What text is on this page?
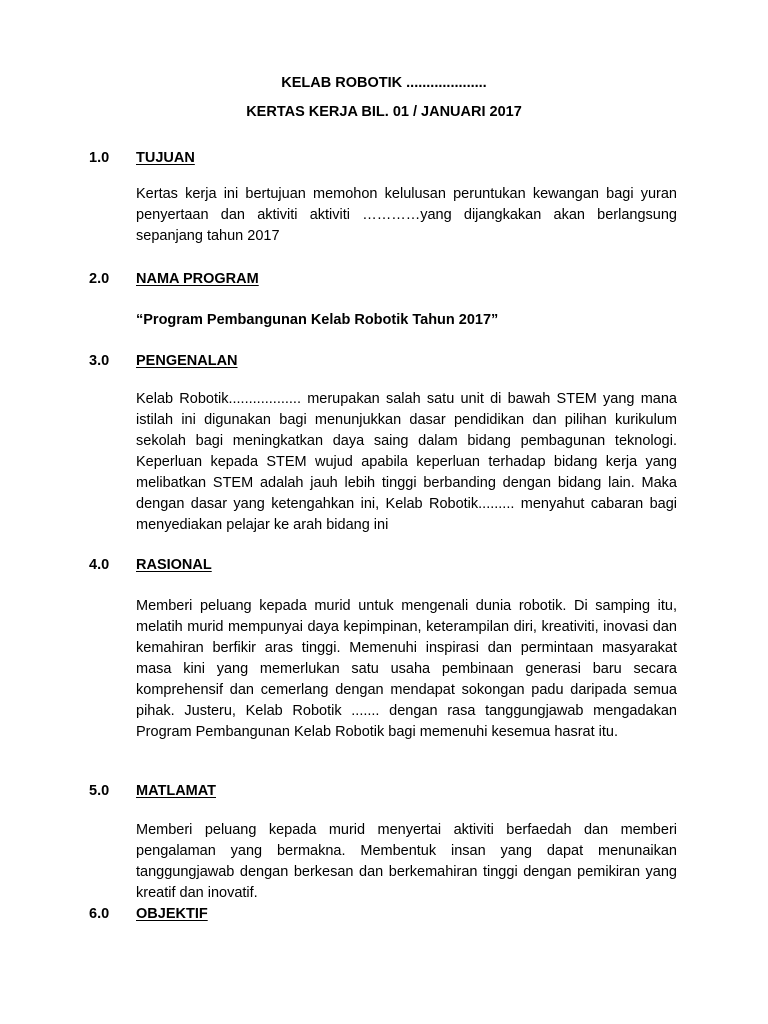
KELAB ROBOTIK ....................
KERTAS KERJA BIL. 01 / JANUARI 2017
1.0 TUJUAN

Kertas kerja ini bertujuan memohon kelulusan peruntukan kewangan bagi yuran penyertaan dan aktiviti aktiviti …………yang dijangkakan akan berlangsung sepanjang tahun 2017

2.0 NAMA PROGRAM
“Program Pembangunan Kelab Robotik Tahun 2017”
3.0 PENGENALAN

Kelab Robotik.................. merupakan salah satu unit di bawah STEM yang mana istilah ini digunakan bagi menunjukkan dasar pendidikan dan pilihan kurikulum sekolah bagi meningkatkan daya saing dalam bidang pembagunan teknologi. Keperluan kepada STEM wujud apabila keperluan terhadap bidang kerja yang melibatkan STEM adalah jauh lebih tinggi berbanding dengan bidang lain. Maka dengan dasar yang ketengahkan ini, Kelab Robotik......... menyahut cabaran bagi menyediakan pelajar ke arah bidang ini

4.0 RASIONAL

Memberi peluang kepada murid untuk mengenali dunia robotik. Di samping itu, melatih murid mempunyai daya kepimpinan, keterampilan diri, kreativiti, inovasi dan kemahiran berfikir aras tinggi. Memenuhi inspirasi dan permintaan masyarakat masa kini yang memerlukan satu usaha pembinaan generasi baru secara komprehensif dan cemerlang dengan mendapat sokongan padu daripada semua pihak. Justeru, Kelab Robotik ....... dengan rasa tanggungjawab mengadakan Program Pembangunan Kelab Robotik bagi memenuhi kesemua hasrat itu.

5.0 MATLAMAT

Memberi peluang kepada murid menyertai aktiviti berfaedah dan memberi pengalaman yang bermakna. Membentuk insan yang dapat menunaikan tanggungjawab dengan berkesan dan berkemahiran tinggi dengan pemikiran yang kreatif dan inovatif.

6.0 OBJEKTIF
